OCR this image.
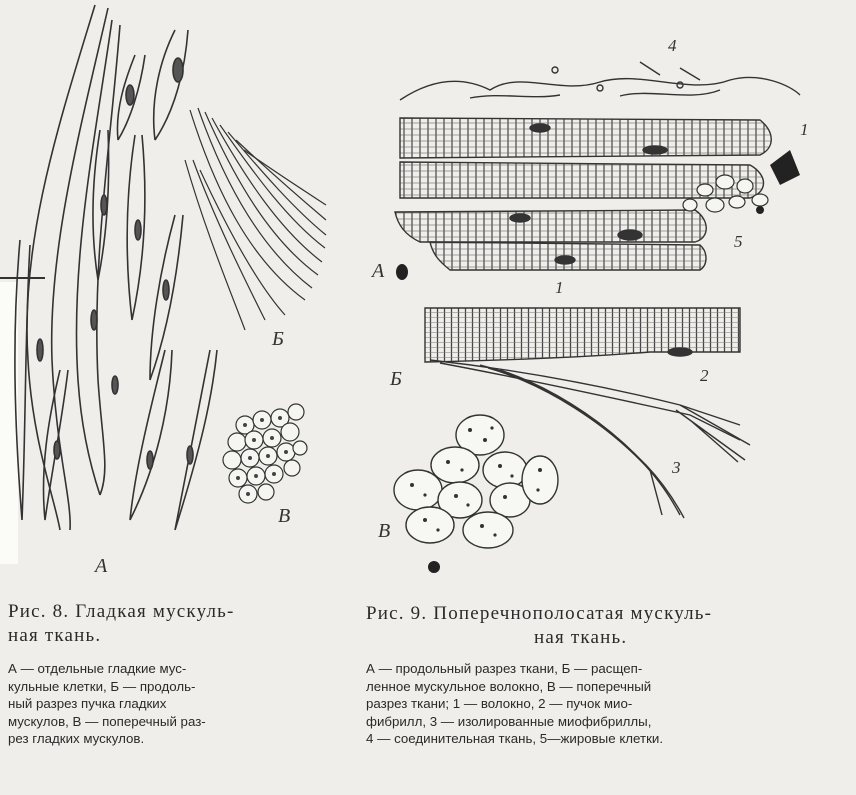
А
Б
В
А
Б
В
4
1
5
1
2
3
Рис. 8. Гладкая мускуль-
ная ткань.
А — отдельные гладкие мус-
кульные клетки, Б — продоль-
ный разрез пучка гладких
мускулов, В — поперечный раз-
рез гладких мускулов.
Рис. 9. Поперечнополосатая мускуль-
ная ткань.
А — продольный разрез ткани, Б — расщеп-
ленное мускульное волокно, В — поперечный
разрез ткани; 1 — волокно, 2 — пучок мио-
фибрилл, 3 — изолированные миофибриллы,
4 — соединительная ткань, 5—жировые клетки.
